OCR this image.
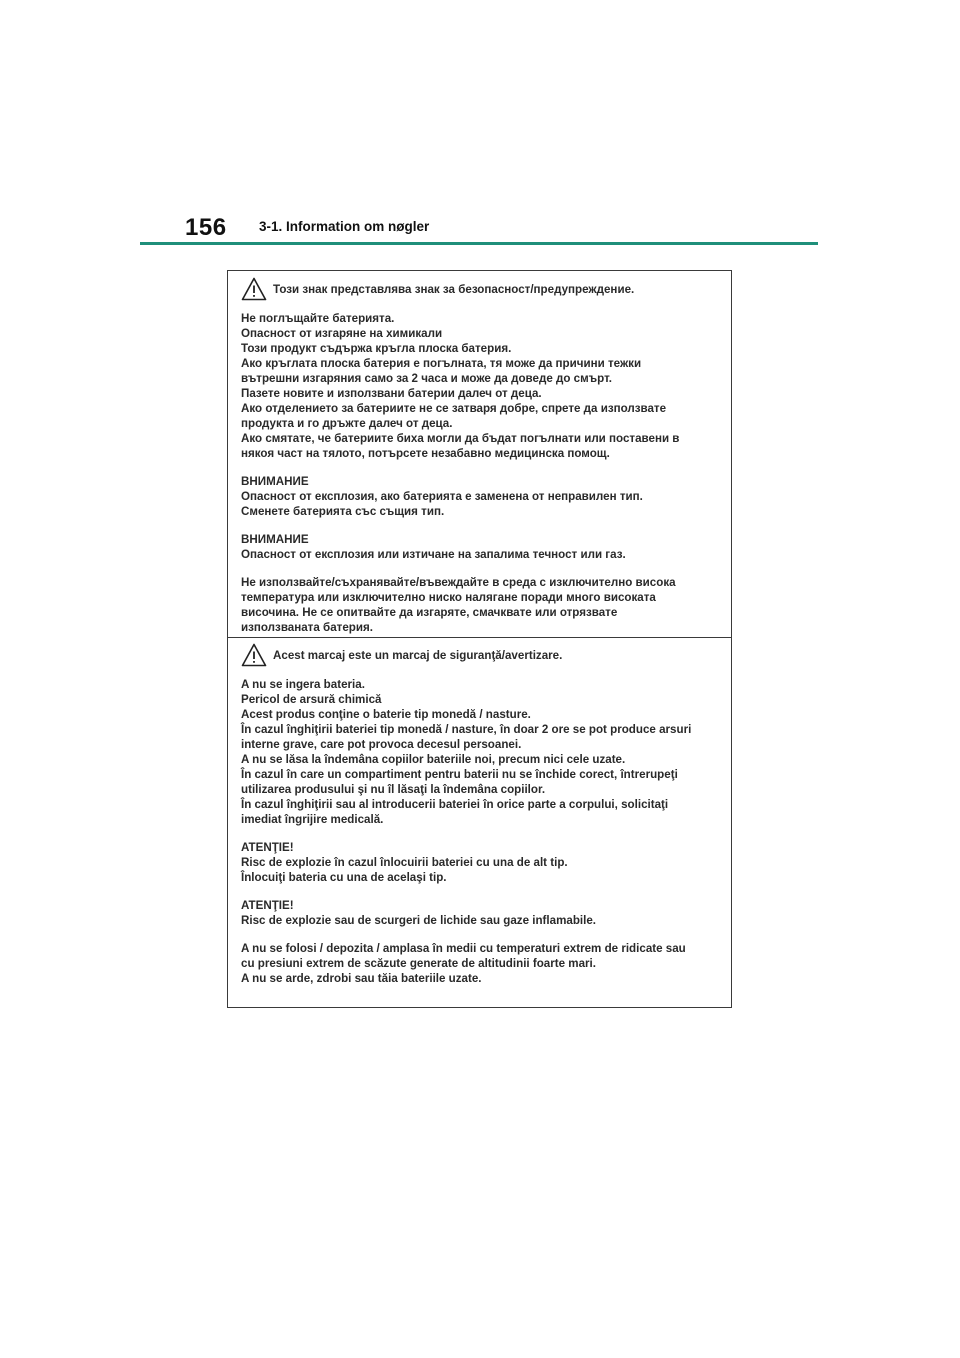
156 3-1. Information om nøgler
Този знак представлява знак за безопасност/предупреждение.
Не поглъщайте батерията.
Опасност от изгаряне на химикали
Този продукт съдържа кръгла плоска батерия.
Ако кръглата плоска батерия е погълната, тя може да причини тежки
вътрешни изгаряния само за 2 часа и може да доведе до смърт.
Пазете новите и използвани батерии далеч от деца.
Ако отделението за батериите не се затваря добре, спрете да използвате
продукта и го дръжте далеч от деца.
Ако смятате, че батериите биха могли да бъдат погълнати или поставени в
някоя част на тялото, потърсете незабавно медицинска помощ.
ВНИМАНИЕ
Опасност от експлозия, ако батерията е заменена от неправилен тип.
Сменете батерията със същия тип.
ВНИМАНИЕ
Опасност от експлозия или изтичане на запалима течност или газ.
Не използвайте/съхранявайте/въвеждайте в среда с изключително висока
температура или изключително ниско налягане поради много високата
височина. Не се опитвайте да изгаряте, смачквате или отрязвате
използваната батерия.
Acest marcaj este un marcaj de siguranţă/avertizare.
A nu se ingera bateria.
Pericol de arsură chimică
Acest produs conţine o baterie tip monedă / nasture.
În cazul înghiţirii bateriei tip monedă / nasture, în doar 2 ore se pot produce arsuri
interne grave, care pot provoca decesul persoanei.
A nu se lăsa la îndemâna copiilor bateriile noi, precum nici cele uzate.
În cazul în care un compartiment pentru baterii nu se închide corect, întrerupeţi
utilizarea produsului şi nu îl lăsaţi la îndemâna copiilor.
În cazul înghiţirii sau al introducerii bateriei în orice parte a corpului, solicitaţi
imediat îngrijire medicală.
ATENŢIE!
Risc de explozie în cazul înlocuirii bateriei cu una de alt tip.
Înlocuiţi bateria cu una de acelaşi tip.
ATENŢIE!
Risc de explozie sau de scurgeri de lichide sau gaze inflamabile.
A nu se folosi / depozita / amplasa în medii cu temperaturi extrem de ridicate sau
cu presiuni extrem de scăzute generate de altitudinii foarte mari.
A nu se arde, zdrobi sau tăia bateriile uzate.
